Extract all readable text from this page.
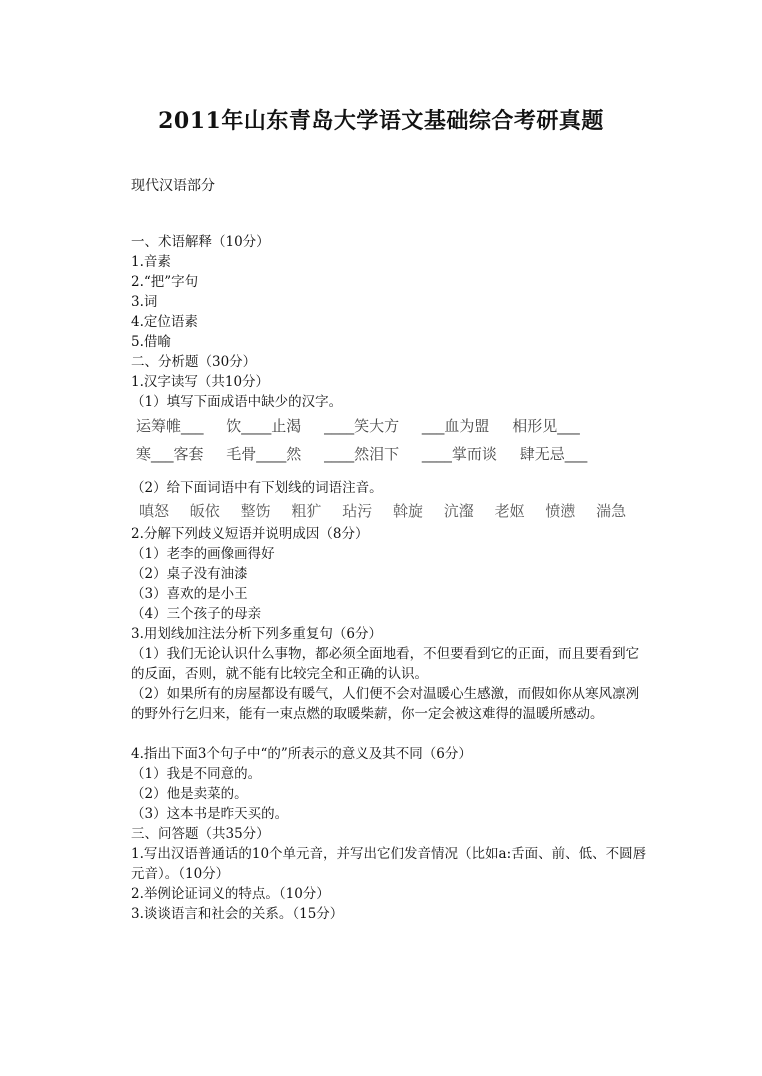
2011年山东青岛大学语文基础综合考研真题
现代汉语部分
一、术语解释（10分）
1.音素
2.“把”字句
3.词
4.定位语素
5.借喻
二、分析题（30分）
1.汉字读写（共10分）
（1）填写下面成语中缺少的汉字。
运筹帷___ 饮____止渴 ____笑大方 ___血为盟 相形见___
寒___客套 毛骨____然 ____然泪下 ____掌而谈 肆无忌___
（2）给下面词语中有下划线的词语注音。
嗔怒 皈依 整饬 粗犷 玷污 斡旋 沆瀣 老妪 愤懑 湍急
2.分解下列歧义短语并说明成因（8分）
（1）老李的画像画得好
（2）桌子没有油漆
（3）喜欢的是小王
（4）三个孩子的母亲
3.用划线加注法分析下列多重复句（6分）
（1）我们无论认识什么事物，都必须全面地看，不但要看到它的正面，而且要看到它的反面，否则，就不能有比较完全和正确的认识。
（2）如果所有的房屋都设有暖气，人们便不会对温暖心生感激，而假如你从寒风凛冽的野外行乞归来，能有一束点燃的取暖柴薪，你一定会被这难得的温暖所感动。
4.指出下面3个句子中“的”所表示的意义及其不同（6分）
（1）我是不同意的。
（2）他是卖菜的。
（3）这本书是昨天买的。
三、问答题（共35分）
1.写出汉语普通话的10个单元音，并写出它们发音情况（比如a:舌面、前、低、不圆唇元音）。（10分）
2.举例论证词义的特点。（10分）
3.谈谈语言和社会的关系。（15分）
